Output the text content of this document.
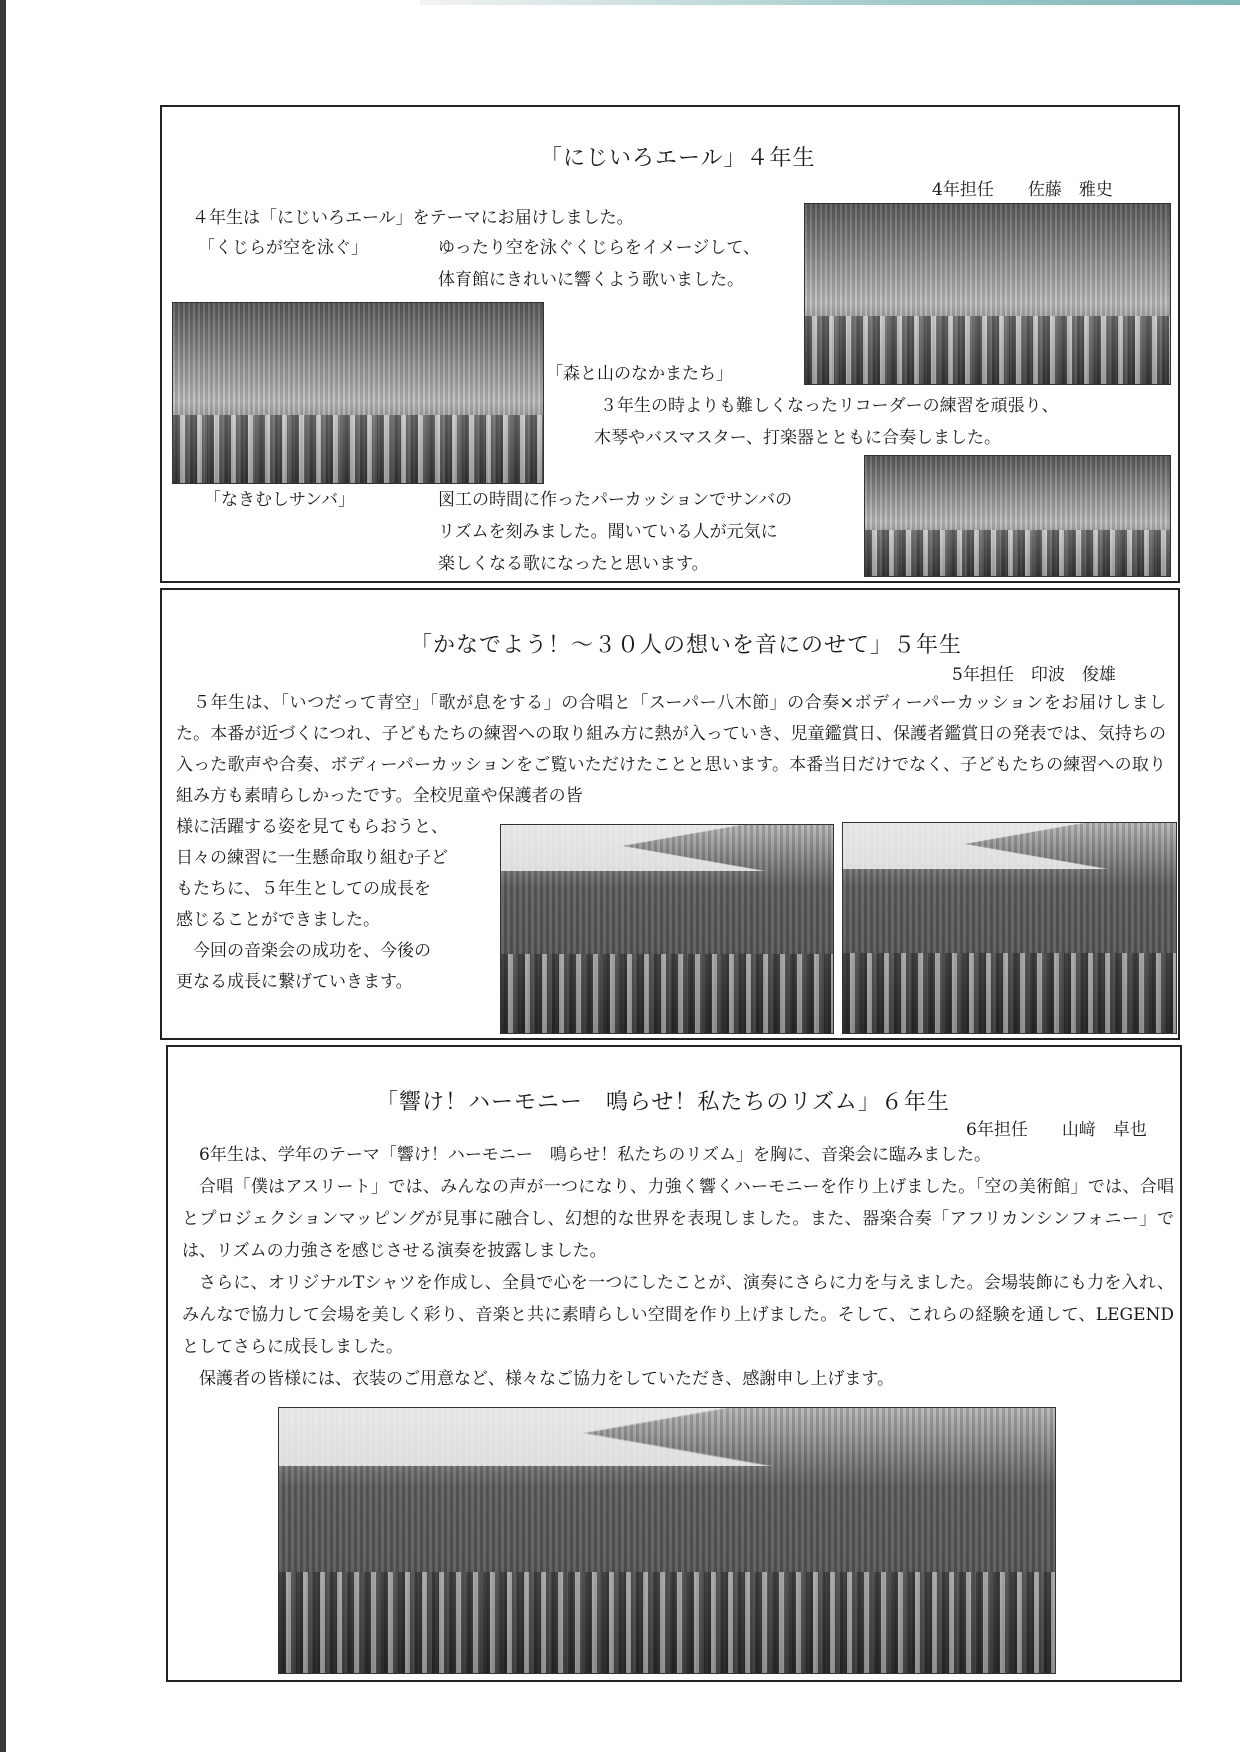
「にじいろエール」４年生
4年担任　　佐藤　雅史
４年生は「にじいろエール」をテーマにお届けしました。
「くじらが空を泳ぐ」	ゆったり空を泳ぐくじらをイメージして、
体育館にきれいに響くよう歌いました。
「森と山のなかまたち」
３年生の時よりも難しくなったリコーダーの練習を頑張り、
木琴やバスマスター、打楽器とともに合奏しました。
「なきむしサンバ」	図工の時間に作ったパーカッションでサンバの
リズムを刻みました。聞いている人が元気に
楽しくなる歌になったと思います。
「かなでよう！～３０人の想いを音にのせて」５年生
5年担任　印波　俊雄

５年生は、「いつだって青空」「歌が息をする」の合唱と「スーパー八木節」の合奏×ボディーパーカッションをお届けしました。本番が近づくにつれ、子どもたちの練習への取り組み方に熱が入っていき、児童鑑賞日、保護者鑑賞日の発表では、気持ちの入った歌声や合奏、ボディーパーカッションをご覧いただけたことと思います。本番当日だけでなく、子どもたちの練習への取り組み方も素晴らしかったです。全校児童や保護者の皆

様に活躍する姿を見てもらおうと、
日々の練習に一生懸命取り組む子ど
もたちに、５年生としての成長を
感じることができました。
今回の音楽会の成功を、今後の
更なる成長に繋げていきます。
「響け！ハーモニー　鳴らせ！私たちのリズム」６年生
6年担任　　山﨑　卓也

6年生は、学年のテーマ「響け！ハーモニー　鳴らせ！私たちのリズム」を胸に、音楽会に臨みました。

合唱「僕はアスリート」では、みんなの声が一つになり、力強く響くハーモニーを作り上げました。「空の美術館」では、合唱とプロジェクションマッピングが見事に融合し、幻想的な世界を表現しました。また、器楽合奏「アフリカンシンフォニー」では、リズムの力強さを感じさせる演奏を披露しました。

さらに、オリジナルTシャツを作成し、全員で心を一つにしたことが、演奏にさらに力を与えました。会場装飾にも力を入れ、みんなで協力して会場を美しく彩り、音楽と共に素晴らしい空間を作り上げました。そして、これらの経験を通して、LEGENDとしてさらに成長しました。

保護者の皆様には、衣装のご用意など、様々なご協力をしていただき、感謝申し上げます。
